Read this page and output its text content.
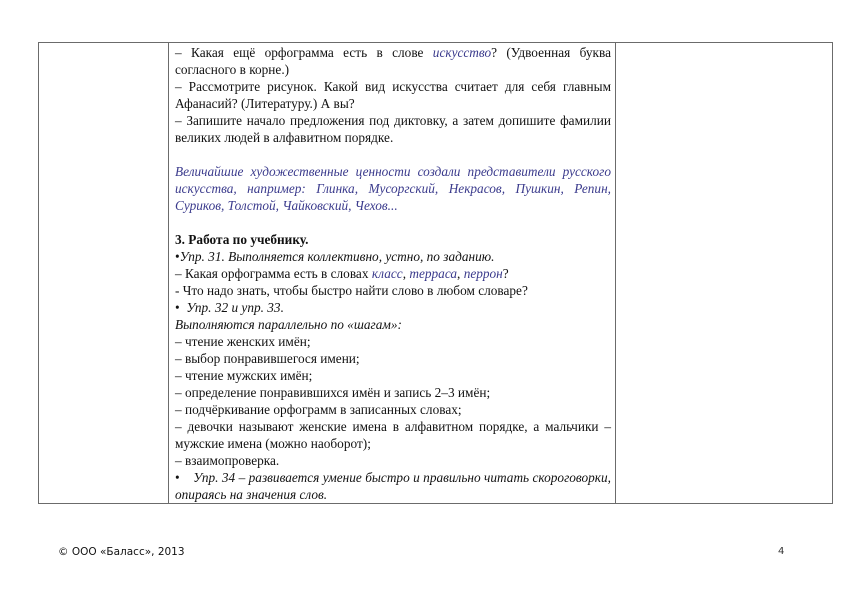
– Какая ещё орфограмма есть в слове искусство? (Удвоенная буква согласного в корне.)

– Рассмотрите рисунок. Какой вид искусства считает для себя главным Афанасий? (Литературу.) А вы?

– Запишите начало предложения под диктовку, а затем допишите фамилии великих людей в алфавитном порядке.

Величайшие художественные ценности создали представители русского искусства, например: Глинка, Мусоргский, Некрасов, Пушкин, Репин, Суриков, Толстой, Чайковский, Чехов...

3. Работа по учебнику.

•Упр. 31. Выполняется коллективно, устно, по заданию.

– Какая орфограмма есть в словах класс, терраса, перрон?

- Что надо знать, чтобы быстро найти слово в любом словаре?

• Упр. 32 и упр. 33.

Выполняются параллельно по «шагам»:

– чтение женских имён;

– выбор понравившегося имени;

– чтение мужских имён;

– определение понравившихся имён и запись 2–3 имён;

– подчёркивание орфограмм в записанных словах;

– девочки называют женские имена в алфавитном порядке, а мальчики – мужские имена (можно наоборот);

– взаимопроверка.

• Упр. 34 – развивается умение быстро и правильно читать скороговорки, опираясь на значения слов.

© ООО «Баласс», 2013	4
